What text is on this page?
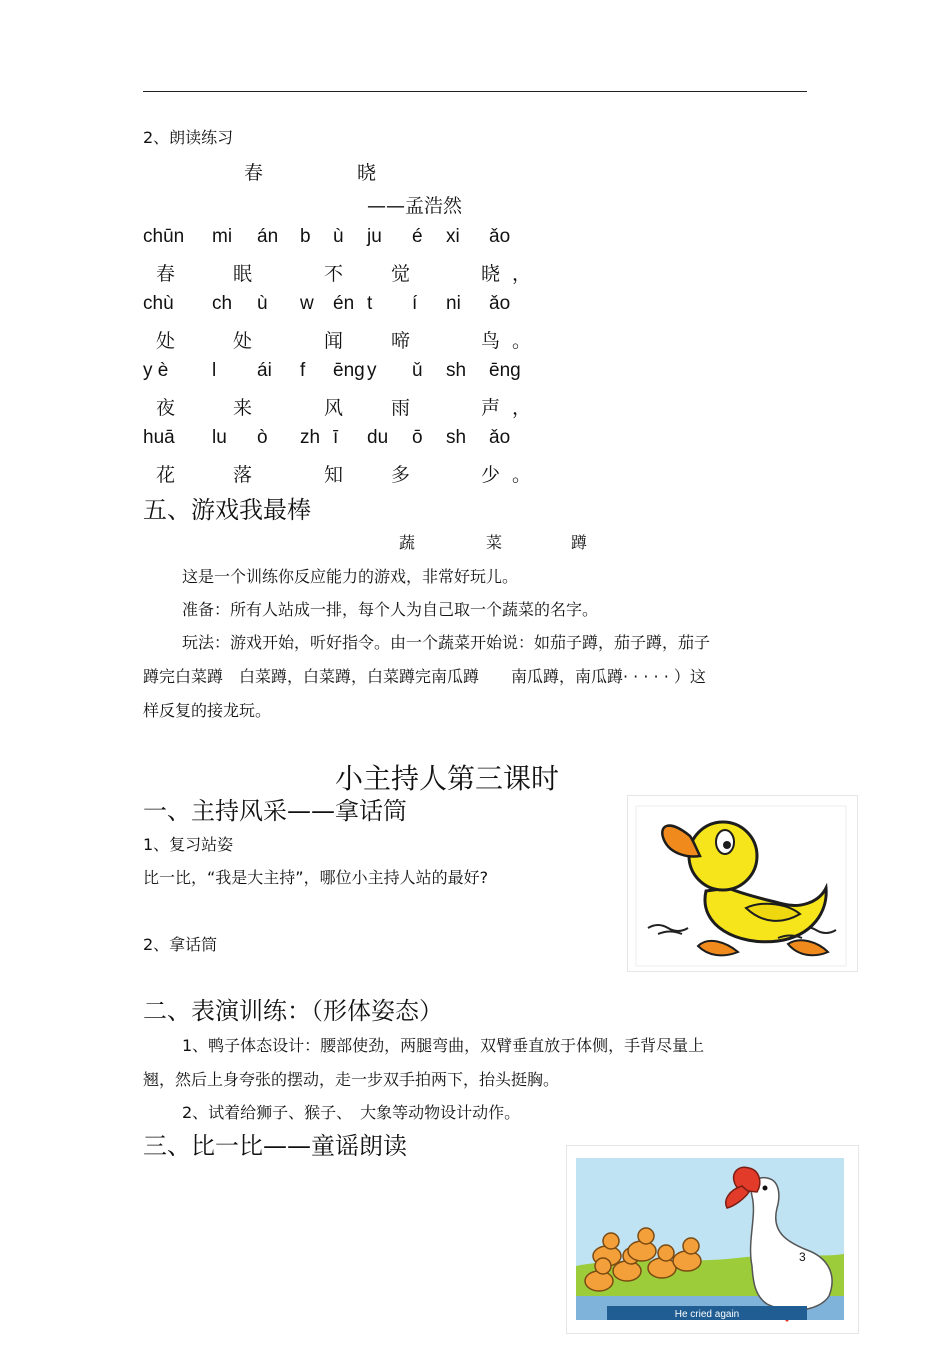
2、朗读练习
春	晓
——孟浩然
chūn mi án b ù ju é xi ǎo
春	眠	不	觉	晓 ，
chù ch ù w én t í ni ǎo
处	处	闻	啼	鸟 。
y è l ái f ēng y ǔ sh ēng
夜	来	风	雨	声 ，
huā lu ò zh ī du ō sh ǎo
花	落	知	多	少 。
五、游戏我最棒
蔬	菜	蹲
这是一个训练你反应能力的游戏，非常好玩儿。
准备：所有人站成一排，每个人为自己取一个蔬菜的名字。
玩法：游戏开始，听好指令。由一个蔬菜开始说：如茄子蹲，茄子蹲，茄子
蹲完白菜蹲　白菜蹲，白菜蹲，白菜蹲完南瓜蹲　　南瓜蹲，南瓜蹲· · · · · ）这
样反复的接龙玩。
小主持人第三课时
一、主持风采——拿话筒
1、复习站姿
比一比，“我是大主持”，哪位小主持人站的最好?
2、拿话筒
二、表演训练：（形体姿态）
1、鸭子体态设计：腰部使劲，两腿弯曲，双臂垂直放于体侧，手背尽量上
翘，然后上身夸张的摆动，走一步双手拍两下，抬头挺胸。
2、试着给狮子、猴子、　大象等动物设计动作。
三、比一比——童谣朗读
He cried again
3
